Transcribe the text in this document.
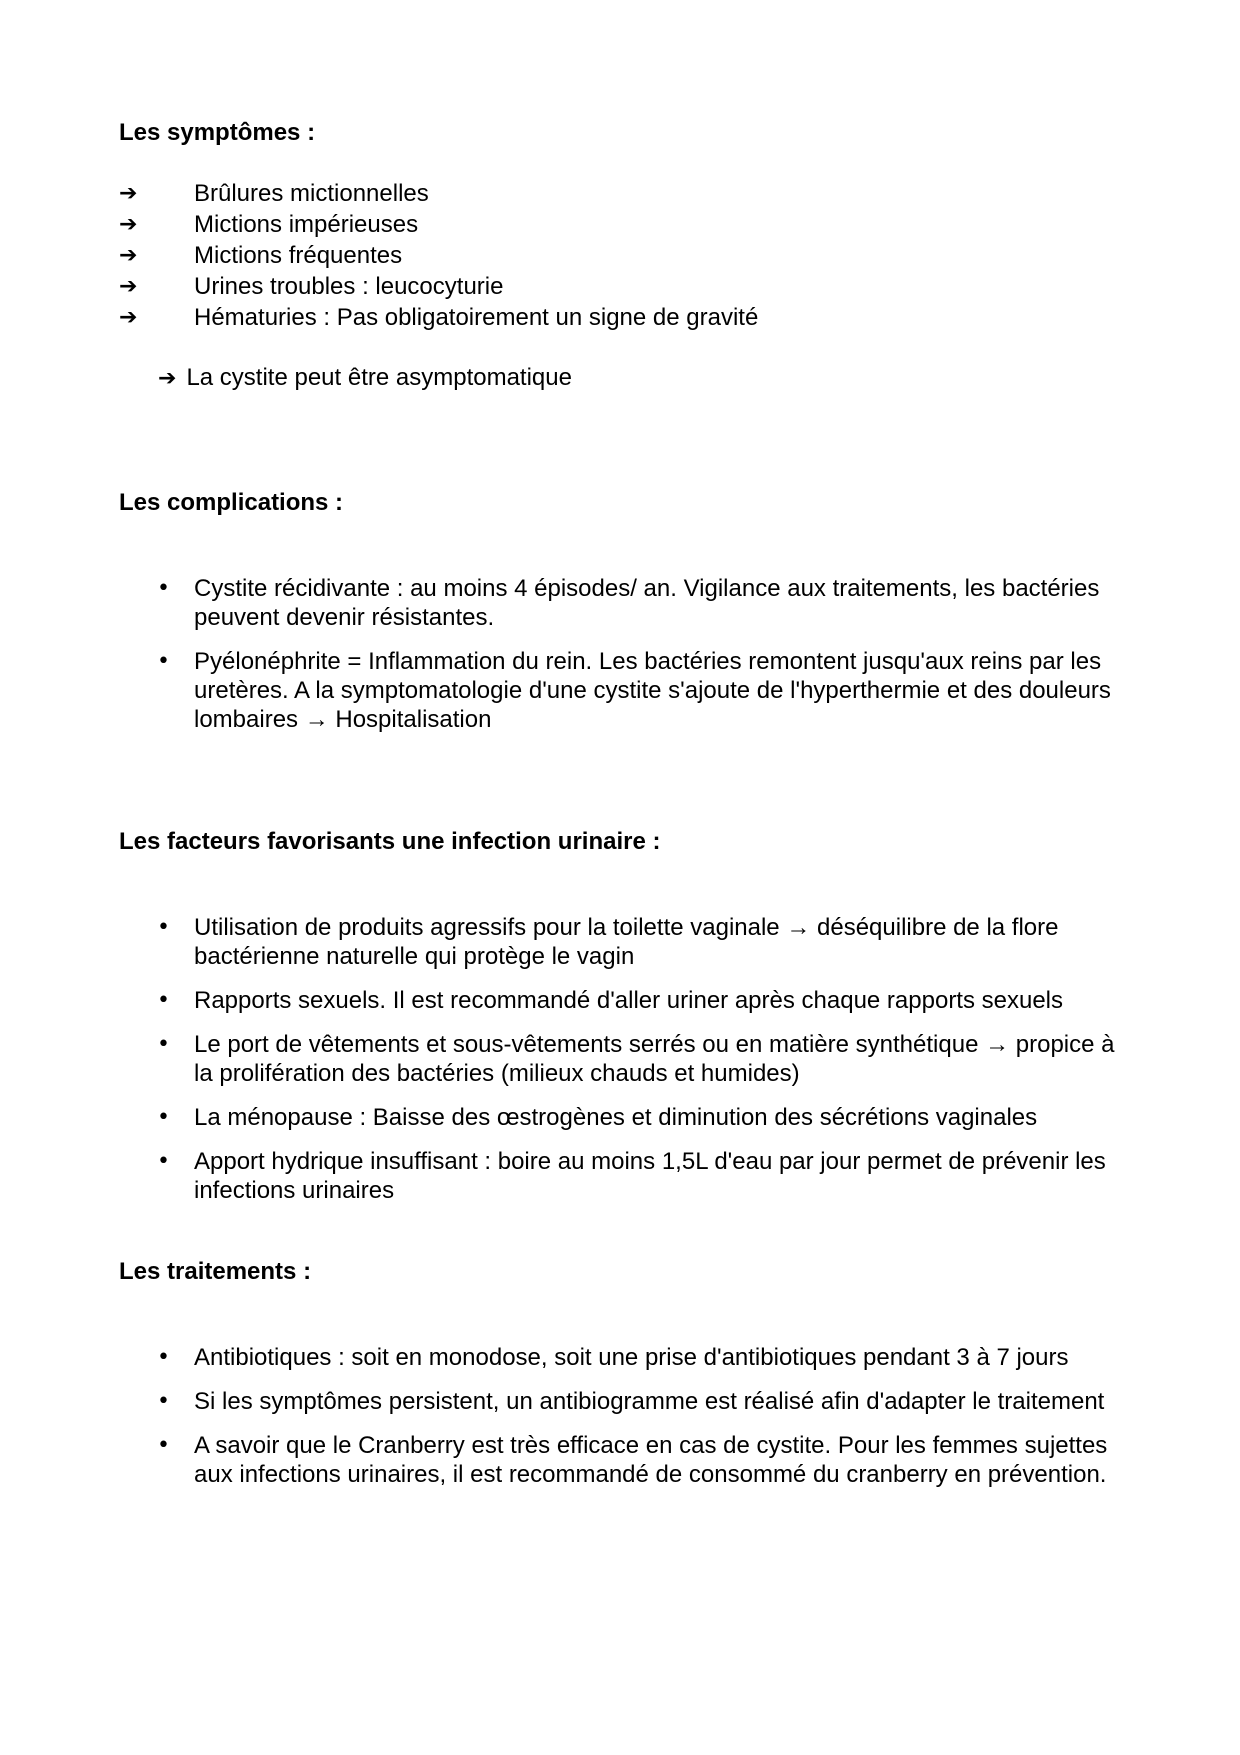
Les symptômes :
➔ Brûlures mictionnelles
➔ Mictions impérieuses
➔ Mictions fréquentes
➔ Urines troubles : leucocyturie
➔ Hématuries : Pas obligatoirement un signe de gravité
➔ La cystite peut être asymptomatique
Les complications :
• Cystite récidivante : au moins 4 épisodes/ an. Vigilance aux traitements, les bactéries peuvent devenir résistantes.
• Pyélonéphrite = Inflammation du rein. Les bactéries remontent jusqu'aux reins par les uretères. A la symptomatologie d'une cystite s'ajoute de l'hyperthermie et des douleurs lombaires → Hospitalisation
Les facteurs favorisants une infection urinaire :
• Utilisation de produits agressifs pour la toilette vaginale → déséquilibre de la flore bactérienne naturelle qui protège le vagin
• Rapports sexuels. Il est recommandé d'aller uriner après chaque rapports sexuels
• Le port de vêtements et sous-vêtements serrés ou en matière synthétique → propice à la prolifération des bactéries (milieux chauds et humides)
• La ménopause : Baisse des œstrogènes et diminution des sécrétions vaginales
• Apport hydrique insuffisant : boire au moins 1,5L d'eau par jour permet de prévenir les infections urinaires
Les traitements :
• Antibiotiques : soit en monodose, soit une prise d'antibiotiques pendant 3 à 7 jours
• Si les symptômes persistent, un antibiogramme est réalisé afin d'adapter le traitement
• A savoir que le Cranberry est très efficace en cas de cystite. Pour les femmes sujettes aux infections urinaires, il est recommandé de consommé du cranberry en prévention.
